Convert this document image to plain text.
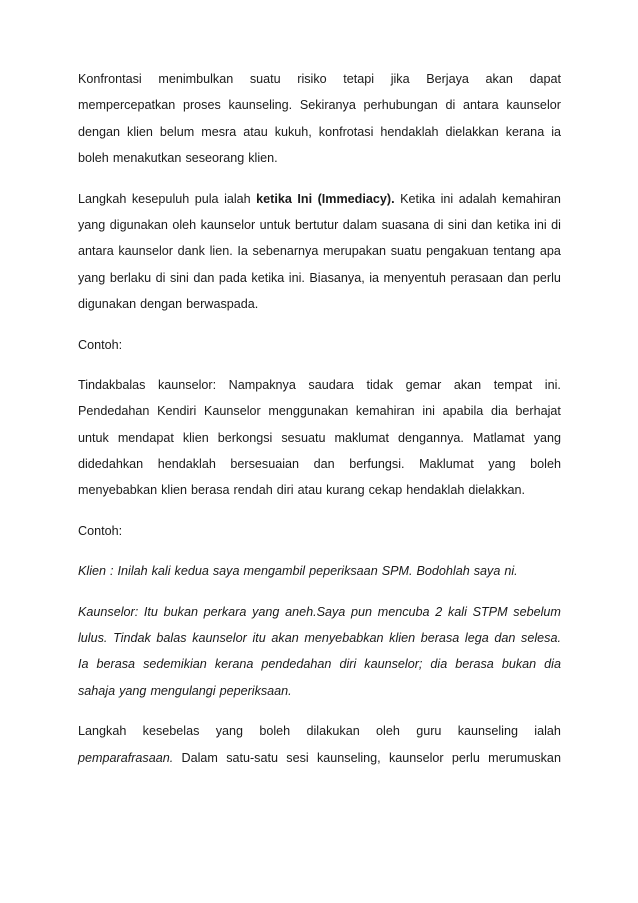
Konfrontasi menimbulkan suatu risiko tetapi jika Berjaya akan dapat
mempercepatkan proses kaunseling. Sekiranya perhubungan di antara kaunselor
dengan klien belum mesra atau kukuh, konfrotasi hendaklah dielakkan kerana ia
boleh menakutkan seseorang klien.
Langkah kesepuluh pula ialah ketika Ini (Immediacy). Ketika ini adalah kemahiran
yang digunakan oleh kaunselor untuk bertutur dalam suasana di sini dan ketika ini di
antara kaunselor dank lien. Ia sebenarnya merupakan suatu pengakuan tentang apa
yang berlaku di sini dan pada ketika ini. Biasanya, ia menyentuh perasaan dan perlu
digunakan dengan berwaspada.
Contoh:
Tindakbalas kaunselor: Nampaknya saudara tidak gemar akan tempat ini.
Pendedahan Kendiri Kaunselor menggunakan kemahiran ini apabila dia berhajat
untuk mendapat klien berkongsi sesuatu maklumat dengannya. Matlamat yang
didedahkan hendaklah bersesuaian dan berfungsi. Maklumat yang boleh
menyebabkan klien berasa rendah diri atau kurang cekap hendaklah dielakkan.
Contoh:
Klien : Inilah kali kedua saya mengambil peperiksaan SPM. Bodohlah saya ni.
Kaunselor: Itu bukan perkara yang aneh.Saya pun mencuba 2 kali STPM sebelum
lulus. Tindak balas kaunselor itu akan menyebabkan klien berasa lega dan selesa.
Ia berasa sedemikian kerana pendedahan diri kaunselor; dia berasa bukan dia
sahaja yang mengulangi peperiksaan.
Langkah kesebelas yang boleh dilakukan oleh guru kaunseling ialah
pemparafrasaan. Dalam satu-satu sesi kaunseling, kaunselor perlu merumuskan
